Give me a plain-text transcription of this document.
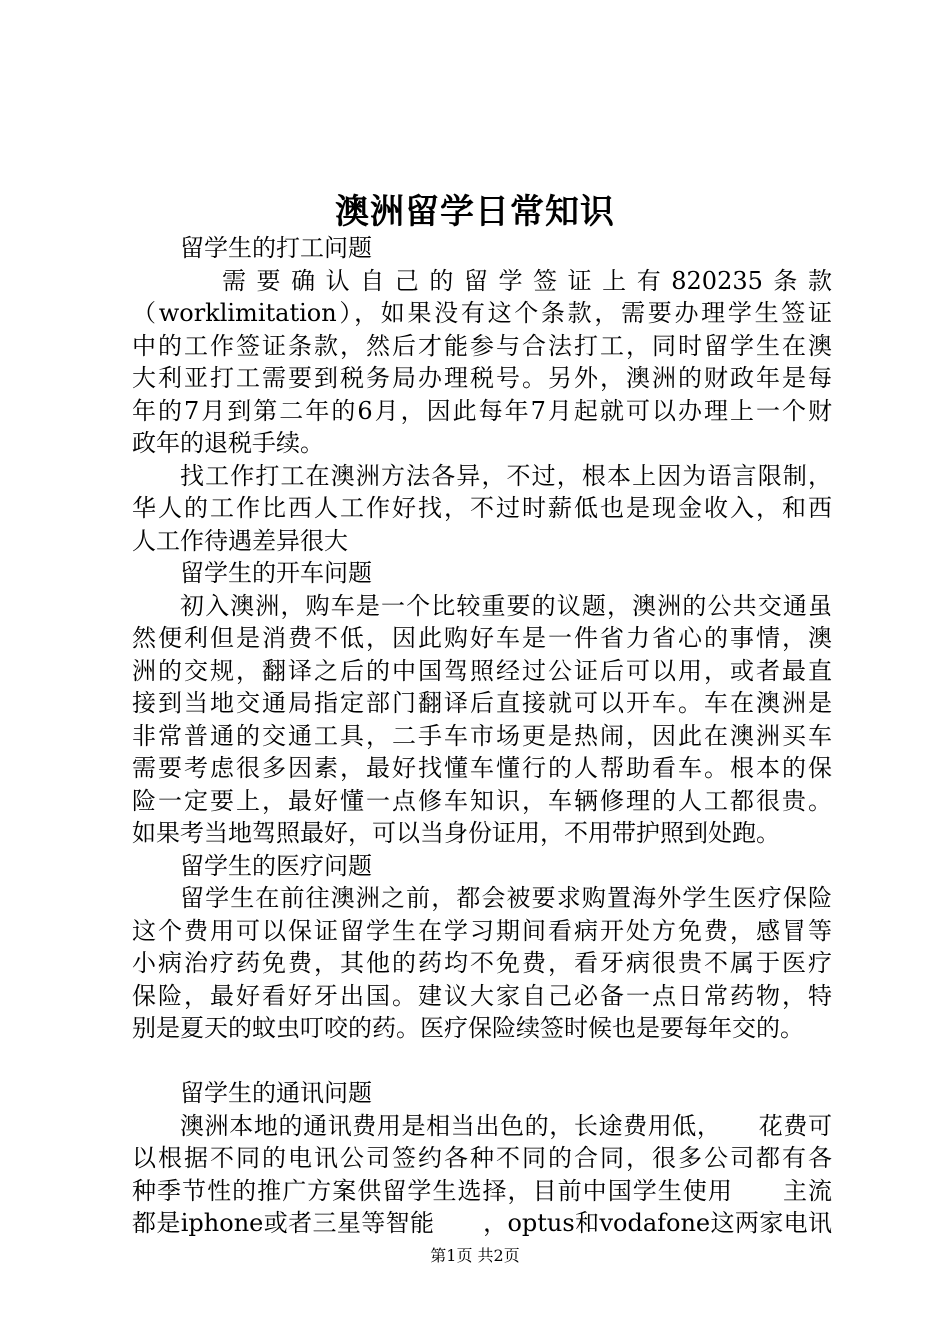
澳洲留学日常知识
留学生的打工问题
需要确认自己的留学签证上有820235条款
（worklimitation），如果没有这个条款，需要办理学生签证
中的工作签证条款，然后才能参与合法打工，同时留学生在澳
大利亚打工需要到税务局办理税号。另外，澳洲的财政年是每
年的7月到第二年的6月，因此每年7月起就可以办理上一个财
政年的退税手续。
找工作打工在澳洲方法各异，不过，根本上因为语言限制，
华人的工作比西人工作好找，不过时薪低也是现金收入，和西
人工作待遇差异很大
留学生的开车问题
初入澳洲，购车是一个比较重要的议题，澳洲的公共交通虽
然便利但是消费不低，因此购好车是一件省力省心的事情，澳
洲的交规，翻译之后的中国驾照经过公证后可以用，或者最直
接到当地交通局指定部门翻译后直接就可以开车。车在澳洲是
非常普通的交通工具，二手车市场更是热闹，因此在澳洲买车
需要考虑很多因素，最好找懂车懂行的人帮助看车。根本的保
险一定要上，最好懂一点修车知识，车辆修理的人工都很贵。
如果考当地驾照最好，可以当身份证用，不用带护照到处跑。
留学生的医疗问题
留学生在前往澳洲之前，都会被要求购置海外学生医疗保险
这个费用可以保证留学生在学习期间看病开处方免费，感冒等
小病治疗药免费，其他的药均不免费，看牙病很贵不属于医疗
保险，最好看好牙出国。建议大家自己必备一点日常药物，特
别是夏天的蚊虫叮咬的药。医疗保险续签时候也是要每年交的。
留学生的通讯问题
澳洲本地的通讯费用是相当出色的，长途费用低，　　花费可
以根据不同的电讯公司签约各种不同的合同，很多公司都有各
种季节性的推广方案供留学生选择，目前中国学生使用　　主流
都是iphone或者三星等智能　　，optus和vodafone这两家电讯
第1页 共2页
